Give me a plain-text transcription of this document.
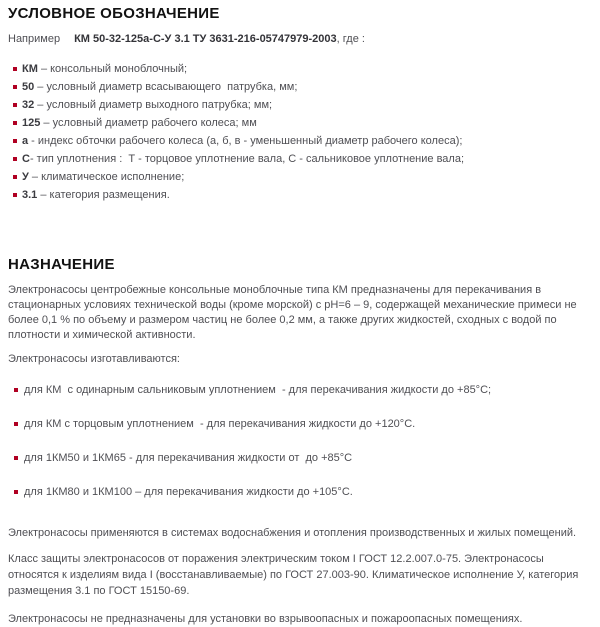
УСЛОВНОЕ ОБОЗНАЧЕНИЕ

Например КМ 50-32-125а-С-У 3.1 ТУ 3631-216-05747979-2003, где :

КМ – консольный моноблочный;
50 – условный диаметр всасывающего  патрубка, мм;
32 – условный диаметр выходного патрубка; мм;
125 – условный диаметр рабочего колеса; мм
а - индекс обточки рабочего колеса (а, б, в - уменьшенный диаметр рабочего колеса);
С- тип уплотнения :  Т - торцовое уплотнение вала, С - сальниковое уплотнение вала;
У – климатическое исполнение;
3.1 – категория размещения.
НАЗНАЧЕНИЕ

Электронасосы центробежные консольные моноблочные типа КМ предназначены для перекачивания в стационарных условиях технической воды (кроме морской) с pH=6 – 9, содержащей механические примеси не более 0,1 % по объему и размером частиц не более 0,2 мм, а также других жидкостей, сходных с водой по плотности и химической активности.

Электронасосы изготавливаются:

для КМ  с одинарным сальниковым уплотнением  - для перекачивания жидкости до +85°С;
для КМ с торцовым уплотнением  - для перекачивания жидкости до +120°С.
для 1КМ50 и 1КМ65 - для перекачивания жидкости от  до +85°С
для 1КМ80 и 1КМ100 – для перекачивания жидкости до +105°С.

Электронасосы применяются в системах водоснабжения и отопления производственных и жилых помещений.

Класс защиты электронасосов от поражения электрическим током I ГОСТ 12.2.007.0-75. Электронасосы относятся к изделиям вида I (восстанавливаемые) по ГОСТ 27.003-90. Климатическое исполнение У, категория размещения 3.1 по ГОСТ 15150-69.

Электронасосы не предназначены для установки во взрывоопасных и пожароопасных помещениях.
